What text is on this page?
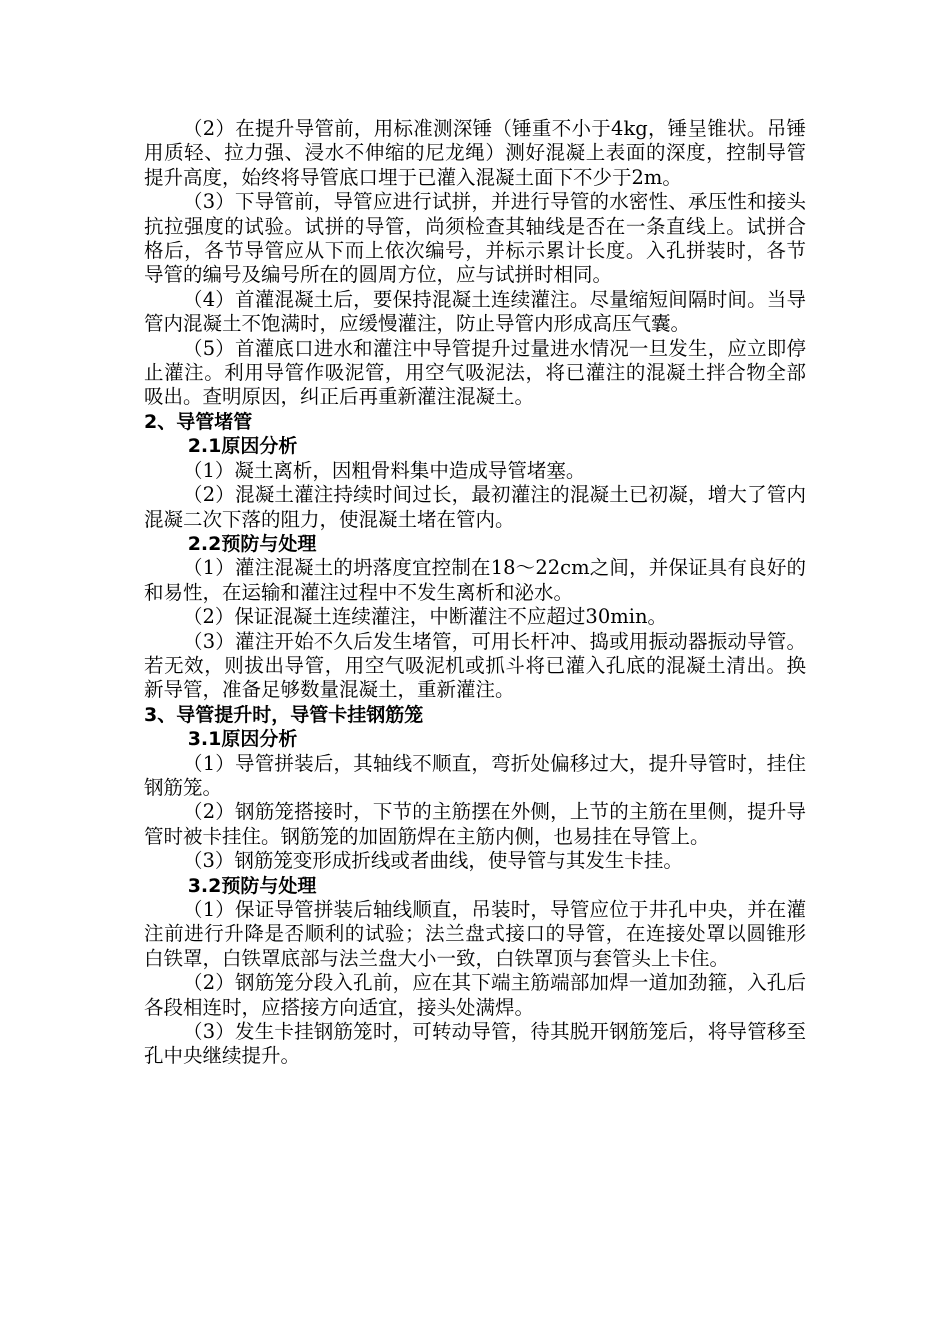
（2）在提升导管前，用标准测深锤（锤重不小于4kg，锤呈锥状。吊锤用质轻、拉力强、浸水不伸缩的尼龙绳）测好混凝上表面的深度，控制导管提升高度，始终将导管底口埋于已灌入混凝土面下不少于2m。

（3）下导管前，导管应进行试拼，并进行导管的水密性、承压性和接头抗拉强度的试验。试拼的导管，尚须检查其轴线是否在一条直线上。试拼合格后，各节导管应从下而上依次编号，并标示累计长度。入孔拼装时，各节导管的编号及编号所在的圆周方位，应与试拼时相同。

（4）首灌混凝土后，要保持混凝土连续灌注。尽量缩短间隔时间。当导管内混凝土不饱满时，应缓慢灌注，防止导管内形成高压气囊。

（5）首灌底口进水和灌注中导管提升过量进水情况一旦发生，应立即停止灌注。利用导管作吸泥管，用空气吸泥法，将已灌注的混凝土拌合物全部吸出。查明原因，纠正后再重新灌注混凝土。

2、导管堵管

2.1原因分析

（1）凝土离析，因粗骨料集中造成导管堵塞。

（2）混凝土灌注持续时间过长，最初灌注的混凝土已初凝，增大了管内混凝二次下落的阻力，使混凝土堵在管内。

2.2预防与处理

（1）灌注混凝土的坍落度宜控制在18～22cm之间，并保证具有良好的和易性，在运输和灌注过程中不发生离析和泌水。

（2）保证混凝土连续灌注，中断灌注不应超过30min。

（3）灌注开始不久后发生堵管，可用长杆冲、捣或用振动器振动导管。若无效，则拔出导管，用空气吸泥机或抓斗将已灌入孔底的混凝土清出。换新导管，准备足够数量混凝土，重新灌注。

3、导管提升时，导管卡挂钢筋笼

3.1原因分析

（1）导管拼装后，其轴线不顺直，弯折处偏移过大，提升导管时，挂住钢筋笼。

（2）钢筋笼搭接时，下节的主筋摆在外侧，上节的主筋在里侧，提升导管时被卡挂住。钢筋笼的加固筋焊在主筋内侧，也易挂在导管上。

（3）钢筋笼变形成折线或者曲线，使导管与其发生卡挂。

3.2预防与处理

（1）保证导管拼装后轴线顺直，吊装时，导管应位于井孔中央，并在灌注前进行升降是否顺利的试验；法兰盘式接口的导管，在连接处罩以圆锥形白铁罩，白铁罩底部与法兰盘大小一致，白铁罩顶与套管头上卡住。

（2）钢筋笼分段入孔前，应在其下端主筋端部加焊一道加劲箍，入孔后各段相连时，应搭接方向适宜，接头处满焊。

（3）发生卡挂钢筋笼时，可转动导管，待其脱开钢筋笼后，将导管移至孔中央继续提升。
